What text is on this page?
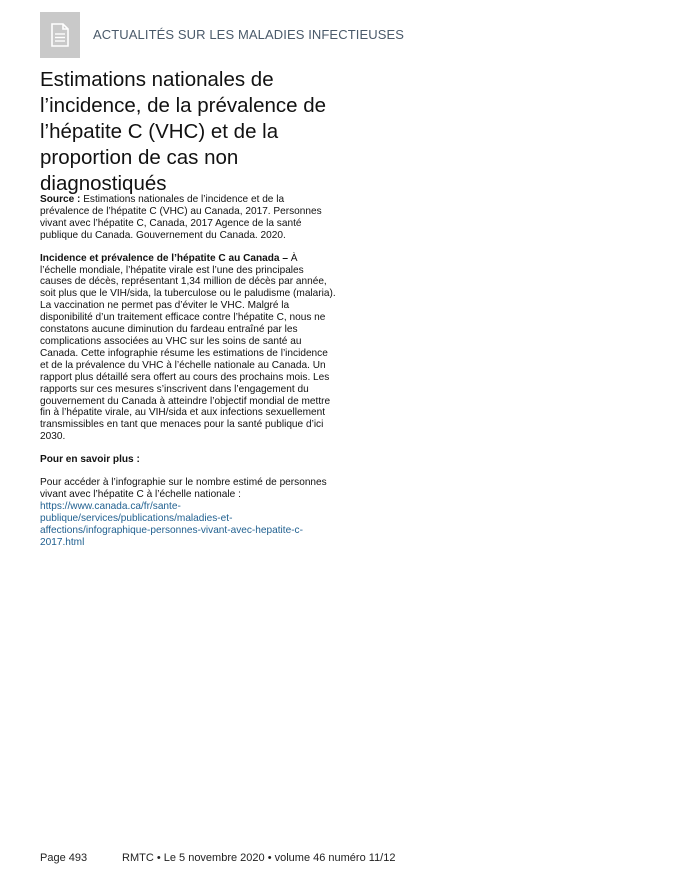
ACTUALITÉS SUR LES MALADIES INFECTIEUSES
Estimations nationales de l’incidence, de la prévalence de l’hépatite C (VHC) et de la proportion de cas non diagnostiqués

Source : Estimations nationales de l’incidence et de la prévalence de l’hépatite C (VHC) au Canada, 2017. Personnes vivant avec l’hépatite C, Canada, 2017 Agence de la santé publique du Canada. Gouvernement du Canada. 2020.

Incidence et prévalence de l’hépatite C au Canada – À l’échelle mondiale, l’hépatite virale est l’une des principales causes de décès, représentant 1,34 million de décès par année, soit plus que le VIH/sida, la tuberculose ou le paludisme (malaria). La vaccination ne permet pas d’éviter le VHC. Malgré la disponibilité d’un traitement efficace contre l’hépatite C, nous ne constatons aucune diminution du fardeau entraîné par les complications associées au VHC sur les soins de santé au Canada. Cette infographie résume les estimations de l’incidence et de la prévalence du VHC à l’échelle nationale au Canada. Un rapport plus détaillé sera offert au cours des prochains mois. Les rapports sur ces mesures s’inscrivent dans l’engagement du gouvernement du Canada à atteindre l’objectif mondial de mettre fin à l’hépatite virale, au VIH/sida et aux infections sexuellement transmissibles en tant que menaces pour la santé publique d’ici 2030.

Pour en savoir plus :

Pour accéder à l’infographie sur le nombre estimé de personnes vivant avec l’hépatite C à l’échelle nationale : https://www.canada.ca/fr/sante-publique/services/publications/maladies-et-affections/infographique-personnes-vivant-avec-hepatite-c-2017.html

Page 493	RMTC • Le 5 novembre 2020 • volume 46 numéro 11/12
